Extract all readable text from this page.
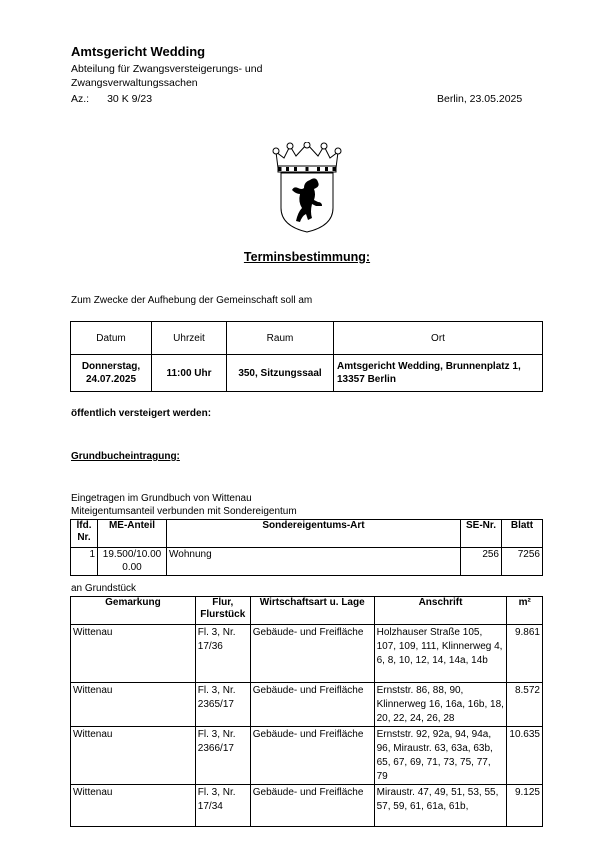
Amtsgericht Wedding
Abteilung für Zwangsversteigerungs- und Zwangsverwaltungssachen
Az.: 30 K 9/23	Berlin, 23.05.2025
Terminsbestimmung:
Zum Zwecke der Aufhebung der Gemeinschaft soll am
Datum	Uhrzeit	Raum	Ort
Donnerstag, 24.07.2025	11:00 Uhr	350, Sitzungssaal	Amtsgericht Wedding, Brunnenplatz 1, 13357 Berlin
öffentlich versteigert werden:
Grundbucheintragung:
Eingetragen im Grundbuch von Wittenau
Miteigentumsanteil verbunden mit Sondereigentum
lfd. Nr.	ME-Anteil	Sondereigentums-Art	SE-Nr.	Blatt
1	19.500/10.000.00	Wohnung	256	7256
an Grundstück
Gemarkung	Flur, Flurstück	Wirtschaftsart u. Lage	Anschrift	m²
Wittenau	Fl. 3, Nr. 17/36	Gebäude- und Freifläche	Holzhauser Straße 105, 107, 109, 111, Klinnerweg 4, 6, 8, 10, 12, 14, 14a, 14b	9.861
Wittenau	Fl. 3, Nr. 2365/17	Gebäude- und Freifläche	Ernststr. 86, 88, 90, Klinnerweg 16, 16a, 16b, 18, 20, 22, 24, 26, 28	8.572
Wittenau	Fl. 3, Nr. 2366/17	Gebäude- und Freifläche	Ernststr. 92, 92a, 94, 94a, 96, Miraustr. 63, 63a, 63b, 65, 67, 69, 71, 73, 75, 77, 79	10.635
Wittenau	Fl. 3, Nr. 17/34	Gebäude- und Freifläche	Miraustr. 47, 49, 51, 53, 55, 57, 59, 61, 61a, 61b,	9.125
